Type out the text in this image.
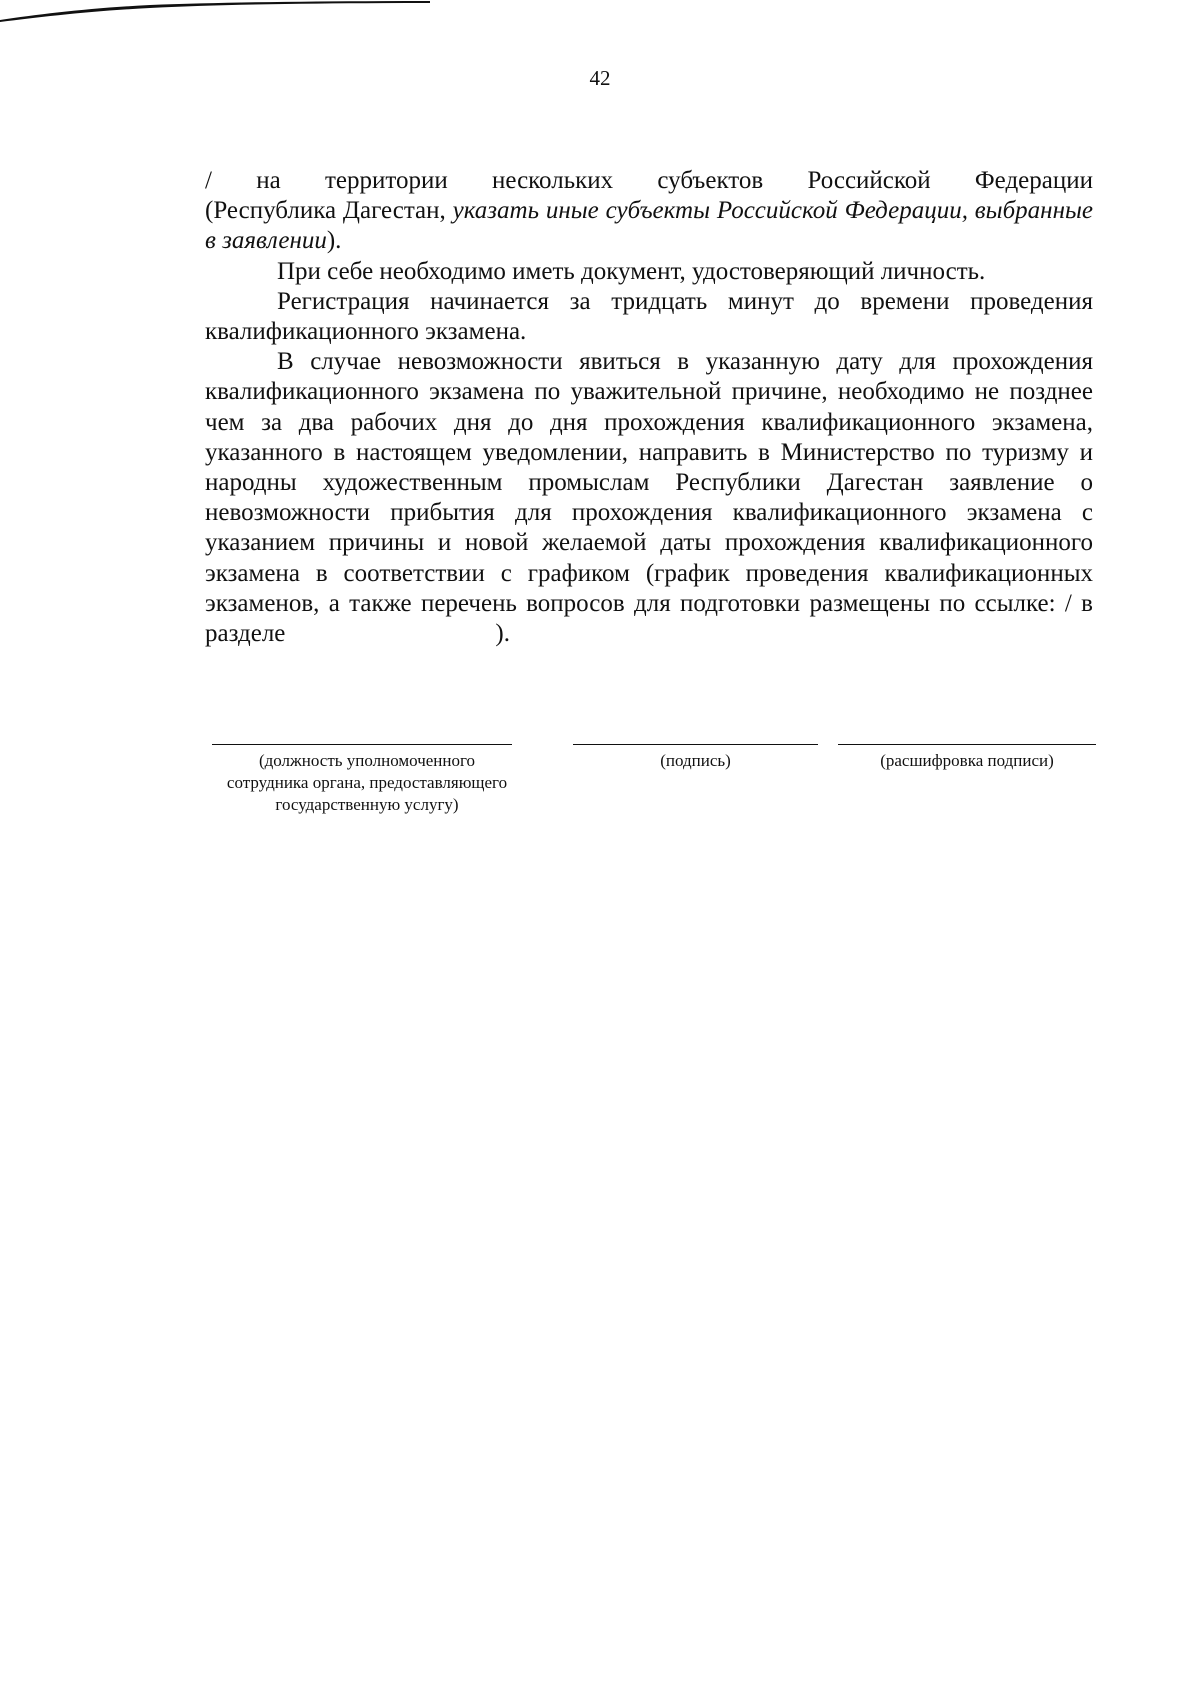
42

/ на территории нескольких субъектов Российской Федерации

(Республика Дагестан, указать иные субъекты Российской Федерации, выбранные в заявлении).

При себе необходимо иметь документ, удостоверяющий личность.

Регистрация начинается за тридцать минут до времени проведения квалификационного экзамена.

В случае невозможности явиться в указанную дату для прохождения квалификационного экзамена по уважительной причине, необходимо не позднее чем за два рабочих дня до дня прохождения квалификационного экзамена, указанного в настоящем уведомлении, направить в Министерство по туризму и народны художественным промыслам Республики Дагестан заявление о невозможности прибытия для прохождения квалификационного экзамена с указанием причины и новой желаемой даты прохождения квалификационного экзамена в соответствии с графиком (график проведения квалификационных экзаменов, а также перечень вопросов для подготовки размещены по ссылке: / в разделе	).

(должность уполномоченного сотрудника органа, предоставляющего государственную услугу)
(подпись)	(расшифровка подписи)
